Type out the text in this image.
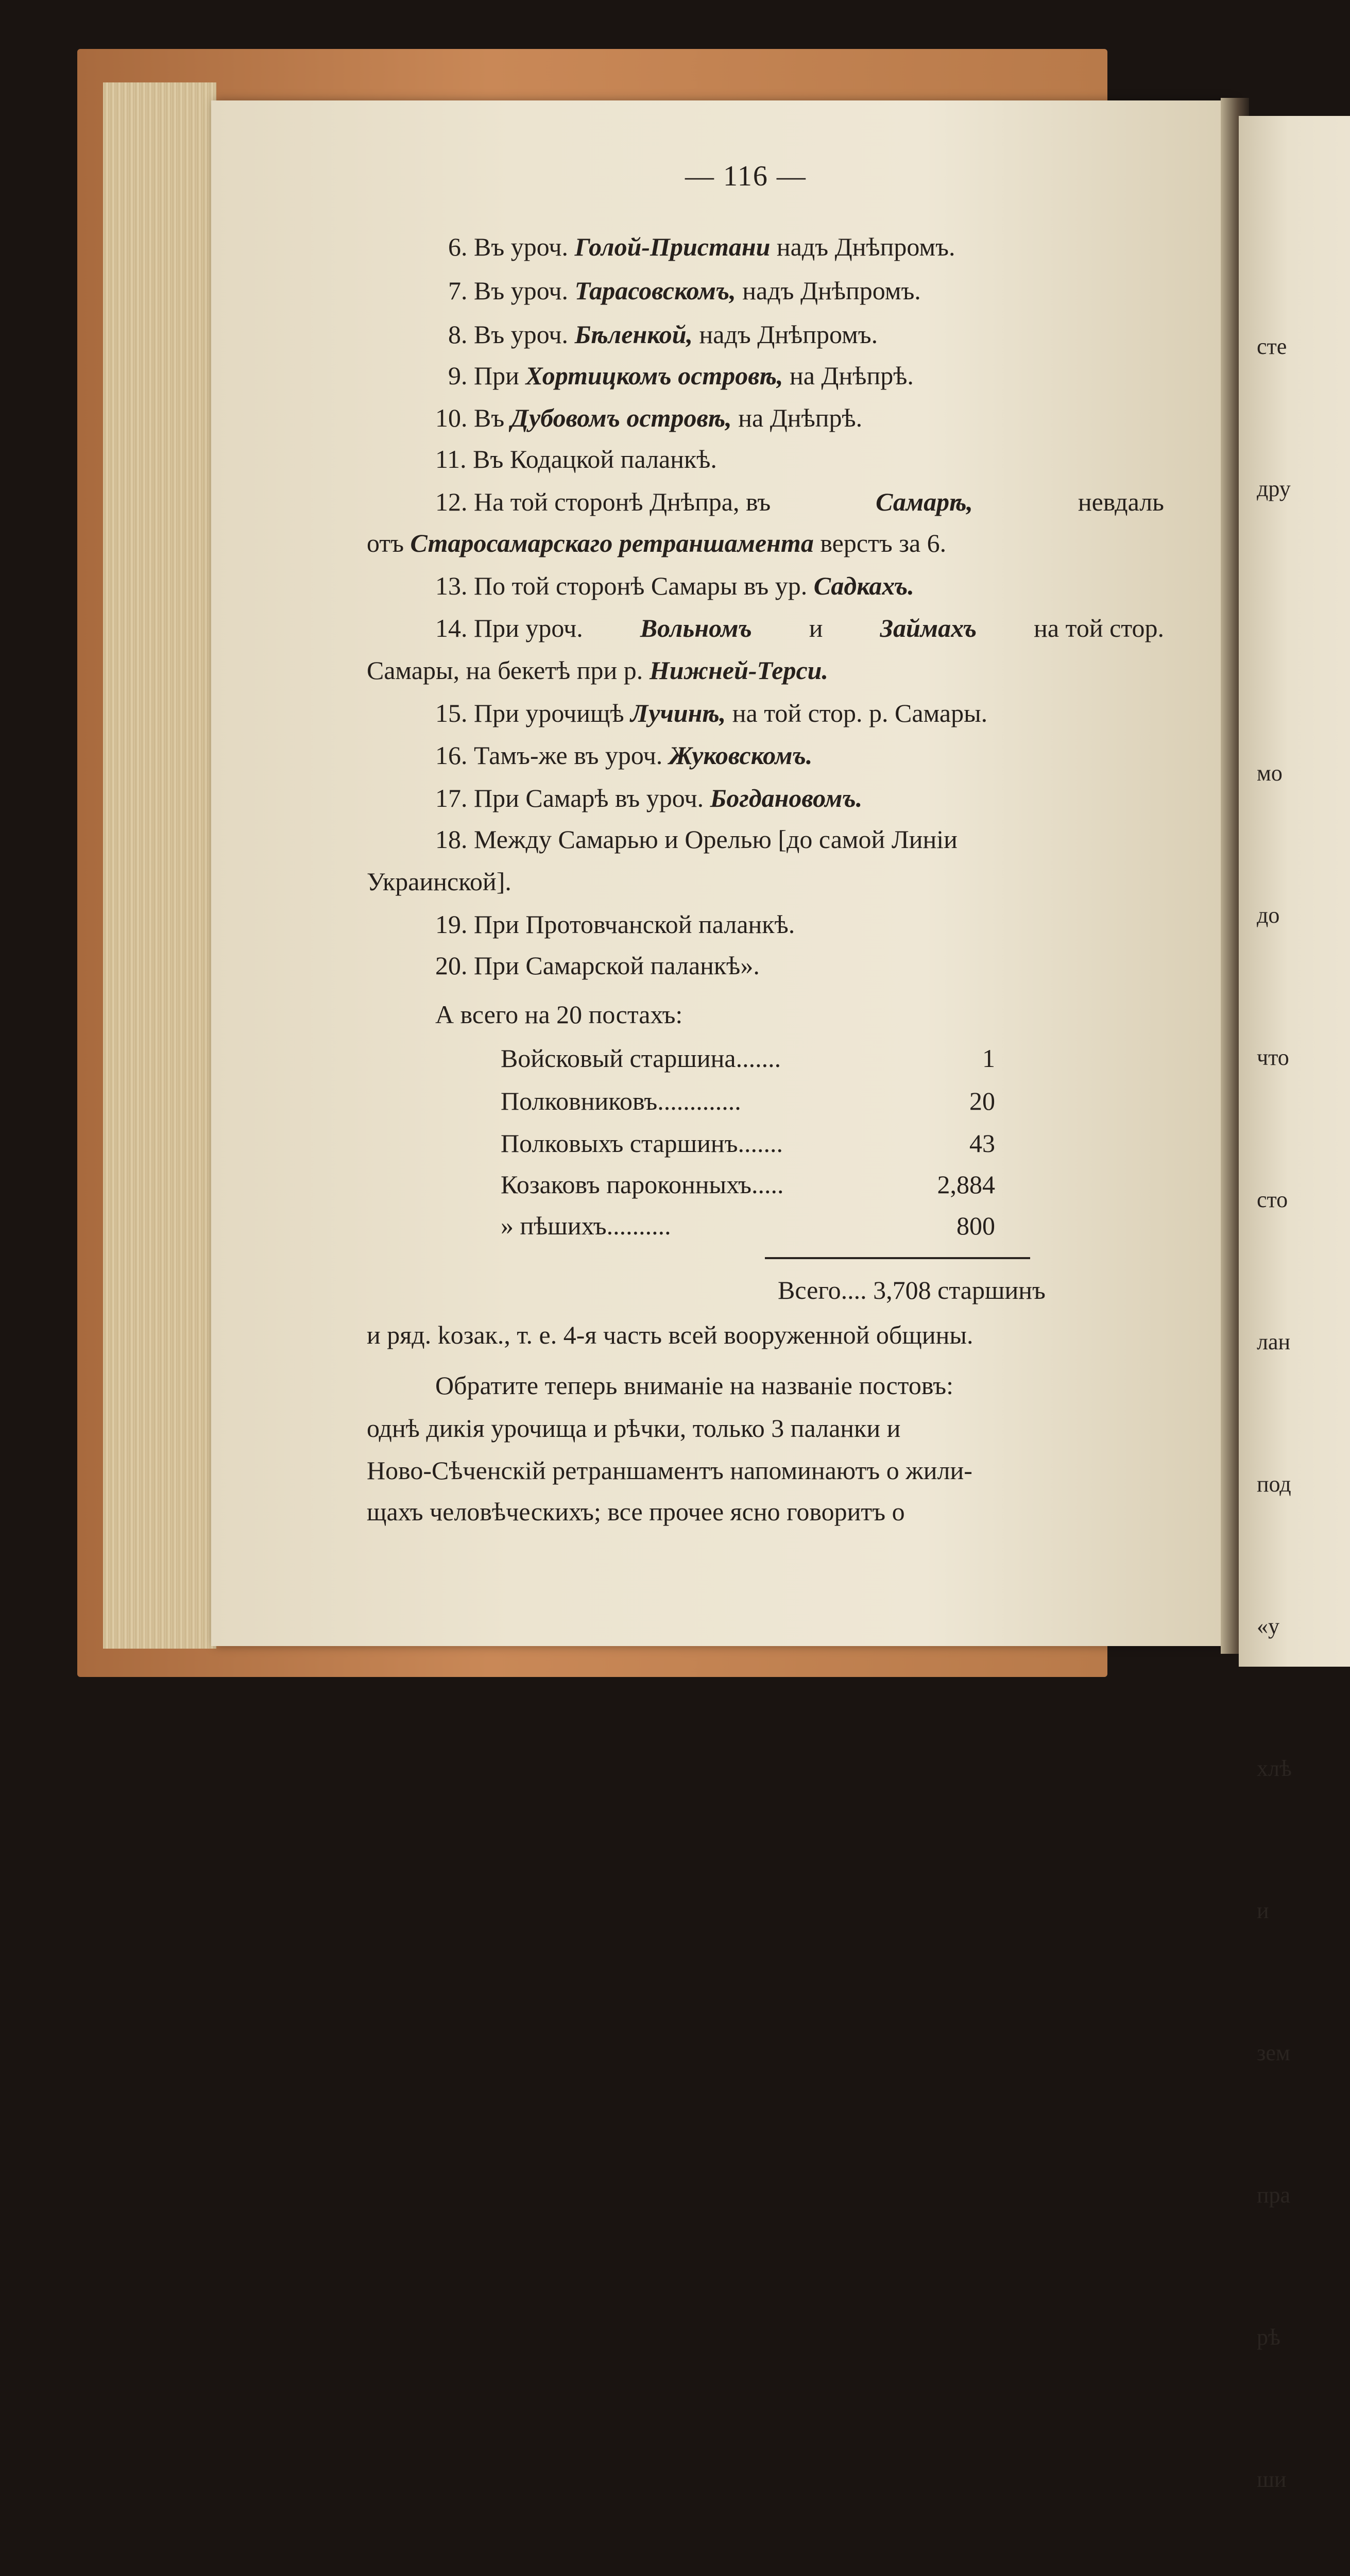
сте

дру

мо

до

что

сто

лан

под

«у

хлѣ

и

зем

пра

рѣ

ши

— 116 —
6. Въ уроч. Голой-Пристани надъ Днѣпромъ.
7. Въ уроч. Тарасовскомъ, надъ Днѣпромъ.
8. Въ уроч. Бѣленкой, надъ Днѣпромъ.
9. При Хортицкомъ островѣ, на Днѣпрѣ.
10. Въ Дубовомъ островѣ, на Днѣпрѣ.
11. Въ Кодацкой паланкѣ.
12. На той сторонѣ Днѣпра, въ	Самарѣ,	невдаль
отъ Старосамарскаго ретраншамента верстъ за 6.
13. По той сторонѣ Самары въ ур. Садкахъ.
14. При уроч. Вольномъ и Займахъ на той стор.
Самары, на бекетѣ при р. Нижней-Терси.
15. При урочищѣ Лучинѣ, на той стор. р. Самары.
16. Тамъ-же въ уроч. Жуковскомъ.
17. При Самарѣ въ уроч. Богдановомъ.
18. Между Самарью и Орелью [до самой Линіи
Украинской].
19. При Протовчанской паланкѣ.
20. При Самарской паланкѣ».
А всего на 20 постахъ:
Войсковый старшина.......	1
Полковниковъ.............	20
Полковыхъ старшинъ.......	43
Козаковъ пароконныхъ.....	2,884
» пѣшихъ..........	800
Всего.... 3,708 старшинъ
и ряд. kозак., т. е. 4-я часть всей вооруженной общины.
Обратите теперь вниманіе на названіе постовъ:
однѣ дикія урочища и рѣчки, только 3 паланки и
Ново-Сѣченскій ретраншаментъ напоминаютъ о жили-
щахъ человѣческихъ; все прочее ясно говоритъ о
